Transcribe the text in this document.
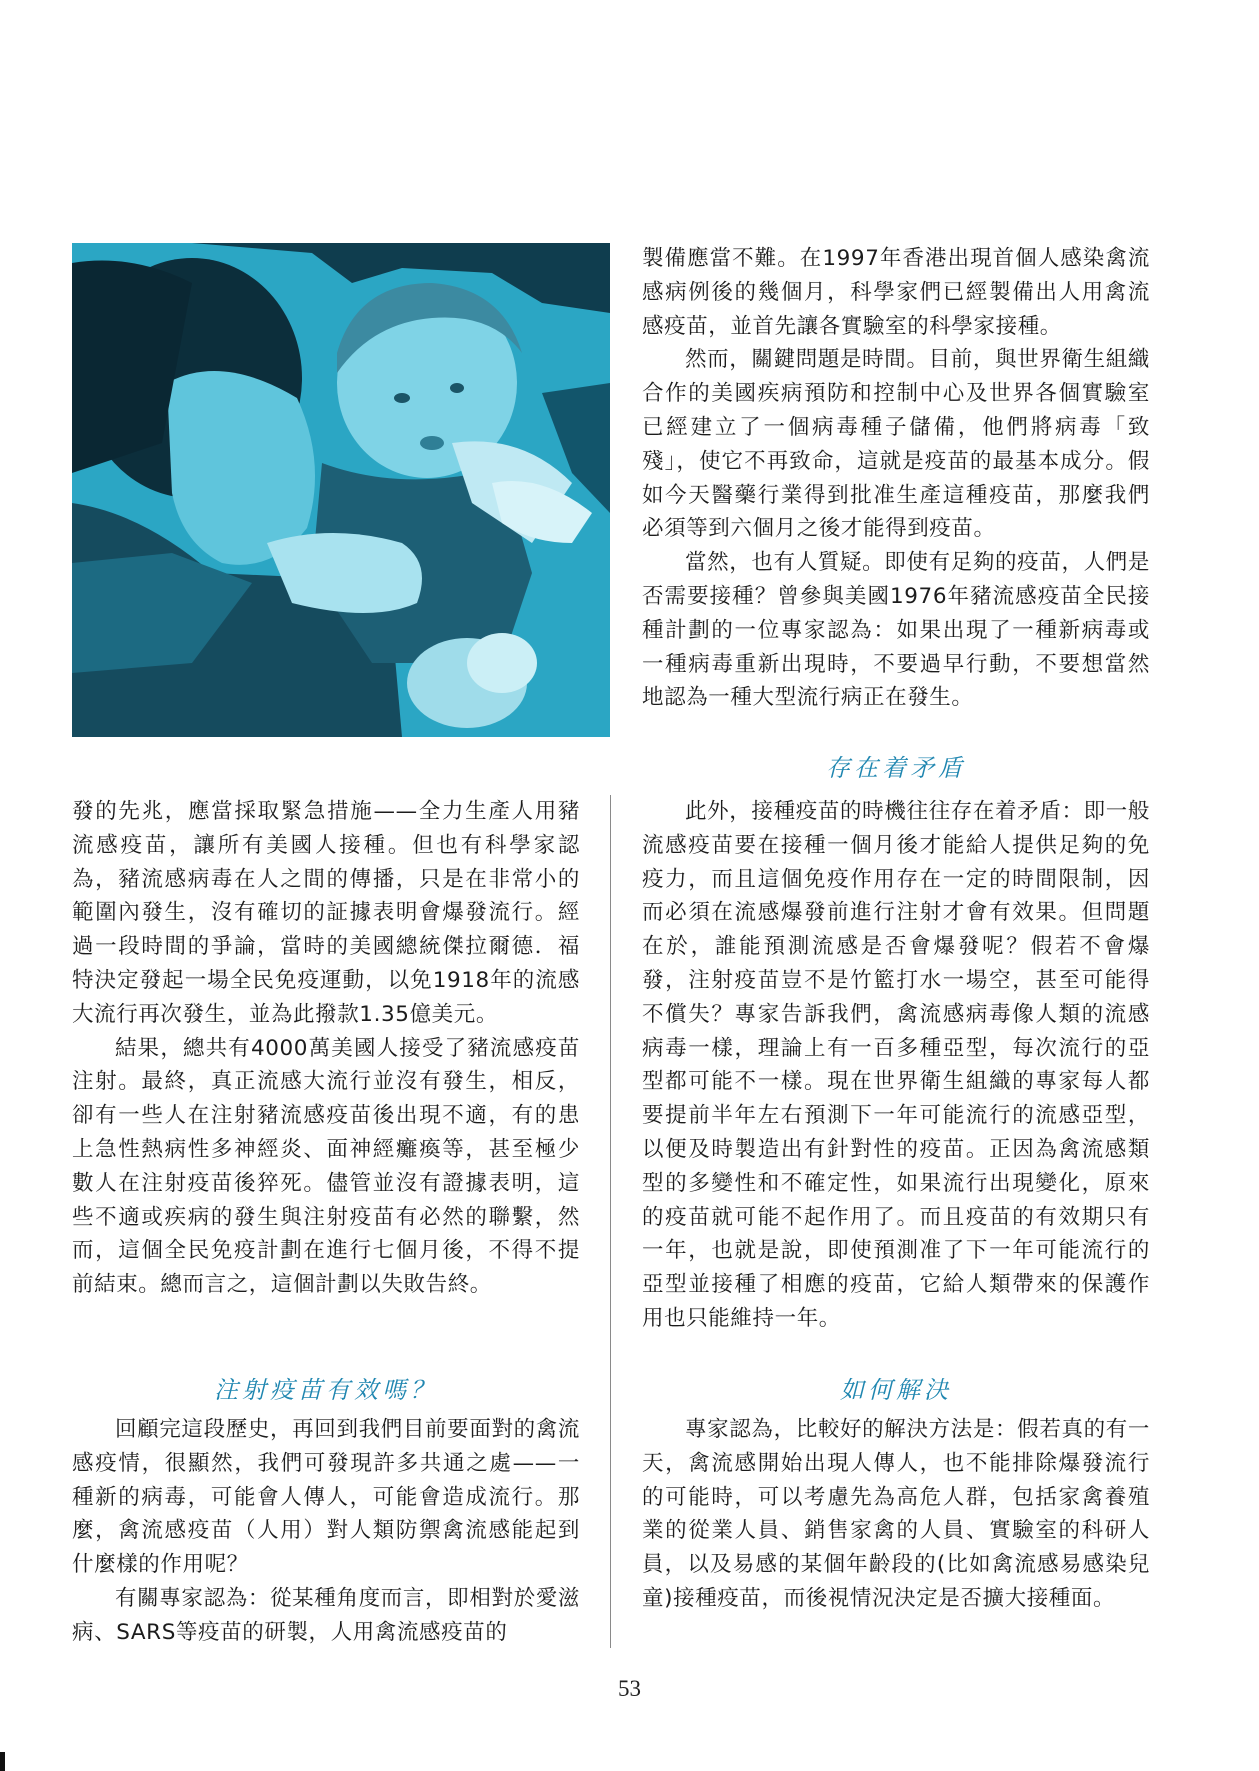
製備應當不難。在1997年香港出現首個人感染禽流感病例後的幾個月，科學家們已經製備出人用禽流感疫苗，並首先讓各實驗室的科學家接種。

然而，關鍵問題是時間。目前，與世界衛生組織合作的美國疾病預防和控制中心及世界各個實驗室已經建立了一個病毒種子儲備，他們將病毒「致殘」，使它不再致命，這就是疫苗的最基本成分。假如今天醫藥行業得到批准生產這種疫苗，那麼我們必須等到六個月之後才能得到疫苗。

當然，也有人質疑。即使有足夠的疫苗，人們是否需要接種？曾參與美國1976年豬流感疫苗全民接種計劃的一位專家認為：如果出現了一種新病毒或一種病毒重新出現時，不要過早行動，不要想當然地認為一種大型流行病正在發生。

存在着矛盾

發的先兆，應當採取緊急措施——全力生產人用豬流感疫苗，讓所有美國人接種。但也有科學家認為，豬流感病毒在人之間的傳播，只是在非常小的範圍內發生，沒有確切的証據表明會爆發流行。經過一段時間的爭論，當時的美國總統傑拉爾德．福特決定發起一場全民免疫運動，以免1918年的流感大流行再次發生，並為此撥款1.35億美元。

結果，總共有4000萬美國人接受了豬流感疫苗注射。最終，真正流感大流行並沒有發生，相反，卻有一些人在注射豬流感疫苗後出現不適，有的患上急性熱病性多神經炎、面神經癱瘓等，甚至極少數人在注射疫苗後猝死。儘管並沒有證據表明，這些不適或疾病的發生與注射疫苗有必然的聯繫，然而，這個全民免疫計劃在進行七個月後，不得不提前結束。總而言之，這個計劃以失敗告終。

此外，接種疫苗的時機往往存在着矛盾：即一般流感疫苗要在接種一個月後才能給人提供足夠的免疫力，而且這個免疫作用存在一定的時間限制，因而必須在流感爆發前進行注射才會有效果。但問題在於，誰能預測流感是否會爆發呢？假若不會爆發，注射疫苗豈不是竹籃打水一場空，甚至可能得不償失？專家告訴我們，禽流感病毒像人類的流感病毒一樣，理論上有一百多種亞型，每次流行的亞型都可能不一樣。現在世界衛生組織的專家每人都要提前半年左右預測下一年可能流行的流感亞型，以便及時製造出有針對性的疫苗。正因為禽流感類型的多變性和不確定性，如果流行出現變化，原來的疫苗就可能不起作用了。而且疫苗的有效期只有一年，也就是說，即使預測准了下一年可能流行的亞型並接種了相應的疫苗，它給人類帶來的保護作用也只能維持一年。

注射疫苗有效嗎？	如何解決

回顧完這段歷史，再回到我們目前要面對的禽流感疫情，很顯然，我們可發現許多共通之處——一種新的病毒，可能會人傳人，可能會造成流行。那麼，禽流感疫苗（人用）對人類防禦禽流感能起到什麼樣的作用呢？

有關專家認為：從某種角度而言，即相對於愛滋病、SARS等疫苗的研製，人用禽流感疫苗的

專家認為，比較好的解決方法是：假若真的有一天，禽流感開始出現人傳人，也不能排除爆發流行的可能時，可以考慮先為高危人群，包括家禽養殖業的從業人員、銷售家禽的人員、實驗室的科研人員，以及易感的某個年齡段的(比如禽流感易感染兒童)接種疫苗，而後視情況決定是否擴大接種面。

53
